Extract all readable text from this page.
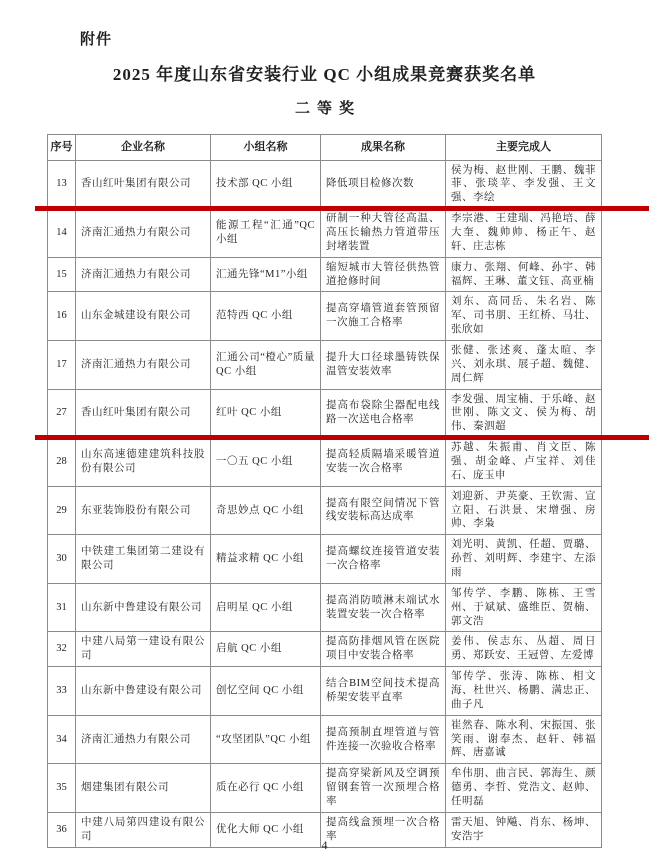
附件
2025 年度山东省安装行业 QC 小组成果竞赛获奖名单
二等奖
序号	企业名称	小组名称	成果名称	主要完成人
13	香山红叶集团有限公司	技术部 QC 小组	降低项目检修次数	侯为梅、赵世刚、王鹏、魏菲菲、张琰苹、李发强、王文强、李绘
14	济南汇通热力有限公司	能源工程“汇通”QC 小组	研制一种大管径高温、高压长输热力管道带压封堵装置	李宗港、王建瑞、冯艳培、薛大奎、魏帅帅、杨正午、赵轩、庄志栋
15	济南汇通热力有限公司	汇通先锋“M1”小组	缩短城市大管径供热管道抢修时间	康力、张翔、何峰、孙宇、韩福辉、王琳、董文钰、高亚楠
16	山东金城建设有限公司	范特西 QC 小组	提高穿墙管道套管预留一次施工合格率	刘东、高同岳、朱名岩、陈军、司书朋、王红桥、马壮、张欣如
17	济南汇通热力有限公司	汇通公司“橙心”质量 QC 小组	提升大口径球墨铸铁保温管安装效率	张健、张述爽、蓬太暄、李兴、刘永琪、展子超、魏健、周仁辉
27	香山红叶集团有限公司	红叶 QC 小组	提高布袋除尘器配电线路一次送电合格率	李发强、周宝楠、于乐峰、赵世刚、陈文文、侯为梅、胡伟、秦泗超
28	山东高速德建建筑科技股份有限公司	一〇五 QC 小组	提高轻质隔墙采暖管道安装一次合格率	苏越、朱振甫、肖文臣、陈强、胡金峰、卢宝祥、刘佳石、庞玉申
29	东亚装饰股份有限公司	奇思妙点 QC 小组	提高有限空间情况下管线安装标高达成率	刘迎新、尹英豪、王钦需、宣立阳、石洪景、宋增强、房帅、李枭
30	中铁建工集团第二建设有限公司	精益求精 QC 小组	提高螺纹连接管道安装一次合格率	刘光明、黄凯、任超、贾璐、孙哲、刘明辉、李建宇、左添雨
31	山东新中鲁建设有限公司	启明星 QC 小组	提高消防喷淋末端试水装置安装一次合格率	邹传学、李鹏、陈栋、王雪州、于斌斌、盛维臣、贺楠、郭文浩
32	中建八局第一建设有限公司	启航 QC 小组	提高防排烟风管在医院项目中安装合格率	姜伟、侯志东、丛超、周日勇、郑跃安、王冠曾、左爱博
33	山东新中鲁建设有限公司	创忆空间 QC 小组	结合BIM空间技术提高桥架安装平直率	邹传学、张涛、陈栋、相文海、杜世兴、杨鹏、满忠正、曲子凡
34	济南汇通热力有限公司	“攻坚团队”QC 小组	提高预制直埋管道与管件连接一次验收合格率	崔然春、陈水利、宋振国、张笑雨、谢奉杰、赵轩、韩福辉、唐嘉诚
35	烟建集团有限公司	质在必行 QC 小组	提高穿梁新风及空调预留钢套管一次预埋合格率	牟伟朋、曲言民、郭海生、颜德勇、李哲、党浩文、赵帅、任明磊
36	中建八局第四建设有限公司	优化大师 QC 小组	提高线盒预埋一次合格率	雷天旭、钟飚、肖东、杨坤、安浩宇
4
